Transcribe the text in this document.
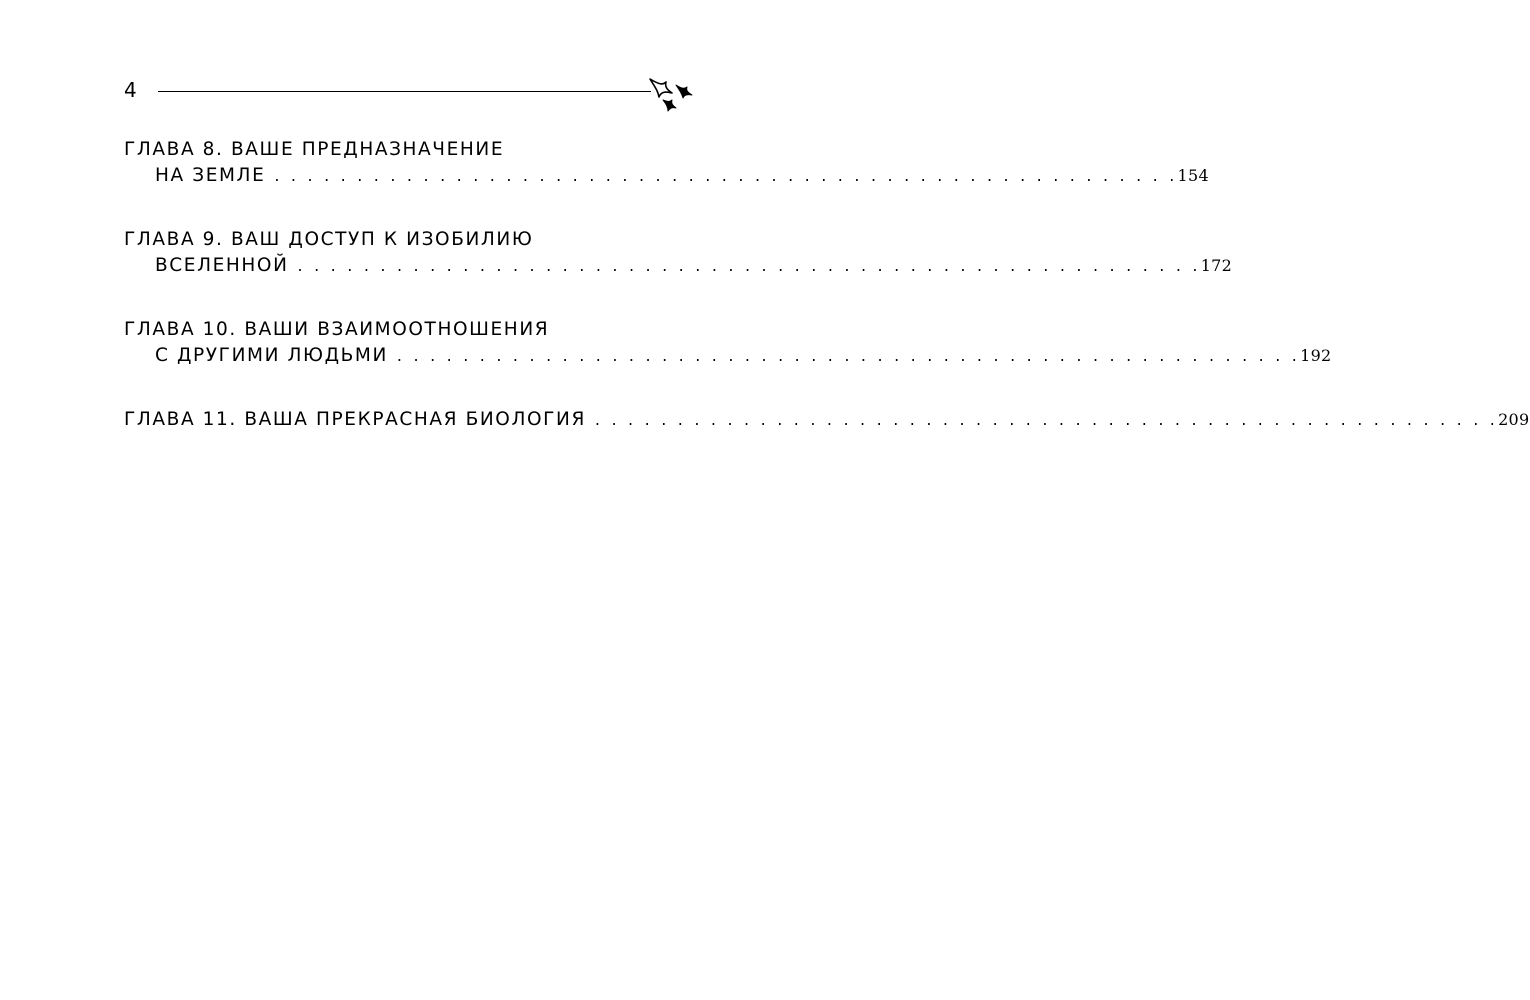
4
ГЛАВА 8. ВАШЕ ПРЕДНАЗНАЧЕНИЕ
НА ЗЕМЛЕ . . . . . . . . . . . . . . . . . . . . . . . . . . . . . . . . . . . . . . . . . . . . . . . . . . . . . . . 154
ГЛАВА 9. ВАШ ДОСТУП К ИЗОБИЛИЮ
ВСЕЛЕННОЙ . . . . . . . . . . . . . . . . . . . . . . . . . . . . . . . . . . . . . . . . . . . . . . . . . . . . . . . 172
ГЛАВА 10. ВАШИ ВЗАИМООТНОШЕНИЯ
С ДРУГИМИ ЛЮДЬМИ . . . . . . . . . . . . . . . . . . . . . . . . . . . . . . . . . . . . . . . . . . . . . . . . . . . . . . . 192
ГЛАВА 11. ВАША ПРЕКРАСНАЯ БИОЛОГИЯ . . . . . . . . . . . . . . . . . . . . . . . . . . . . . . . . . . . . . . . . . . . . . . . . . . . . . . . 209
